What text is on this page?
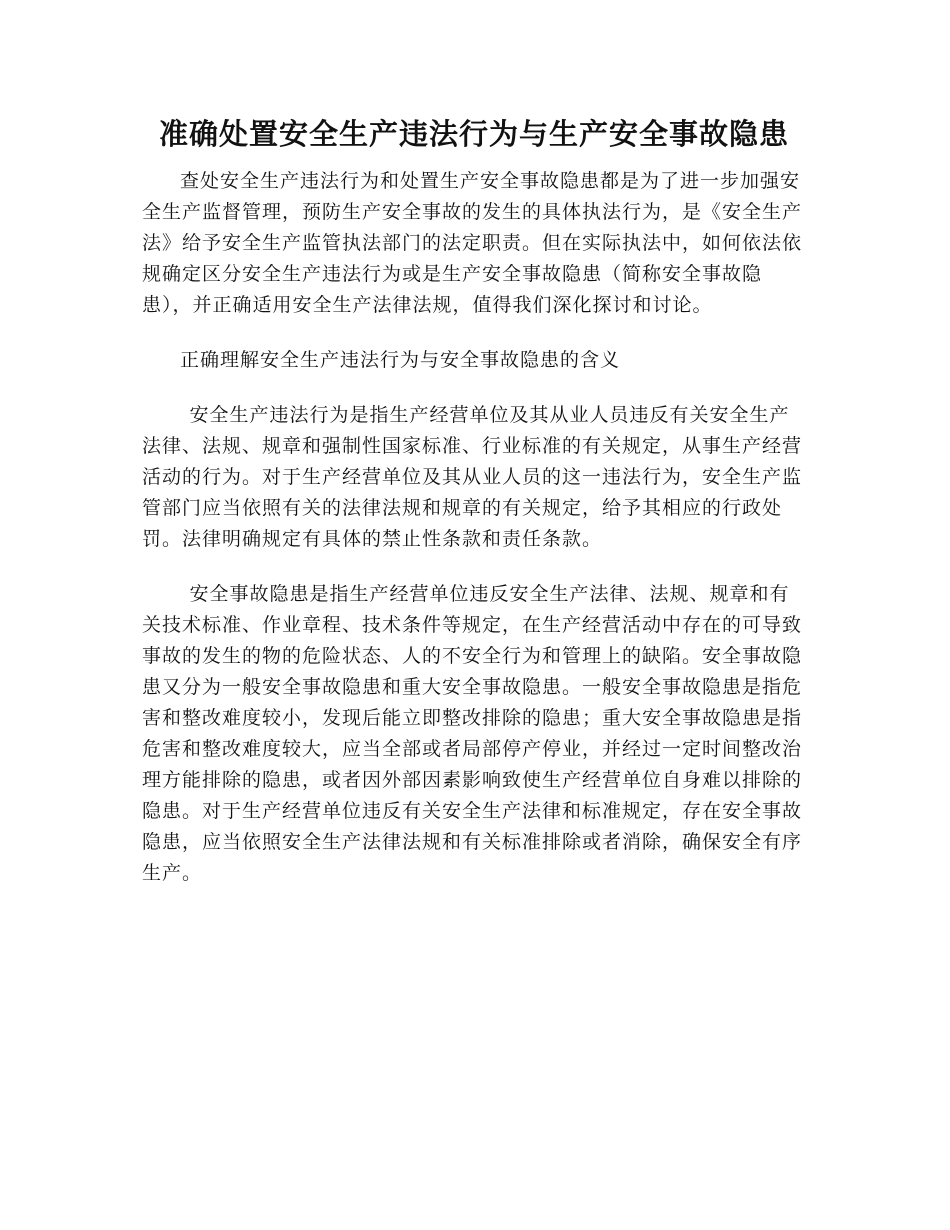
准确处置安全生产违法行为与生产安全事故隐患

查处安全生产违法行为和处置生产安全事故隐患都是为了进一步加强安全生产监督管理，预防生产安全事故的发生的具体执法行为，是《安全生产法》给予安全生产监管执法部门的法定职责。但在实际执法中，如何依法依规确定区分安全生产违法行为或是生产安全事故隐患（简称安全事故隐患），并正确适用安全生产法律法规，值得我们深化探讨和讨论。

正确理解安全生产违法行为与安全事故隐患的含义

安全生产违法行为是指生产经营单位及其从业人员违反有关安全生产法律、法规、规章和强制性国家标准、行业标准的有关规定，从事生产经营活动的行为。对于生产经营单位及其从业人员的这一违法行为，安全生产监管部门应当依照有关的法律法规和规章的有关规定，给予其相应的行政处罚。法律明确规定有具体的禁止性条款和责任条款。

安全事故隐患是指生产经营单位违反安全生产法律、法规、规章和有关技术标准、作业章程、技术条件等规定，在生产经营活动中存在的可导致事故的发生的物的危险状态、人的不安全行为和管理上的缺陷。安全事故隐患又分为一般安全事故隐患和重大安全事故隐患。一般安全事故隐患是指危害和整改难度较小，发现后能立即整改排除的隐患；重大安全事故隐患是指危害和整改难度较大，应当全部或者局部停产停业，并经过一定时间整改治理方能排除的隐患，或者因外部因素影响致使生产经营单位自身难以排除的隐患。对于生产经营单位违反有关安全生产法律和标准规定，存在安全事故隐患，应当依照安全生产法律法规和有关标准排除或者消除，确保安全有序生产。
